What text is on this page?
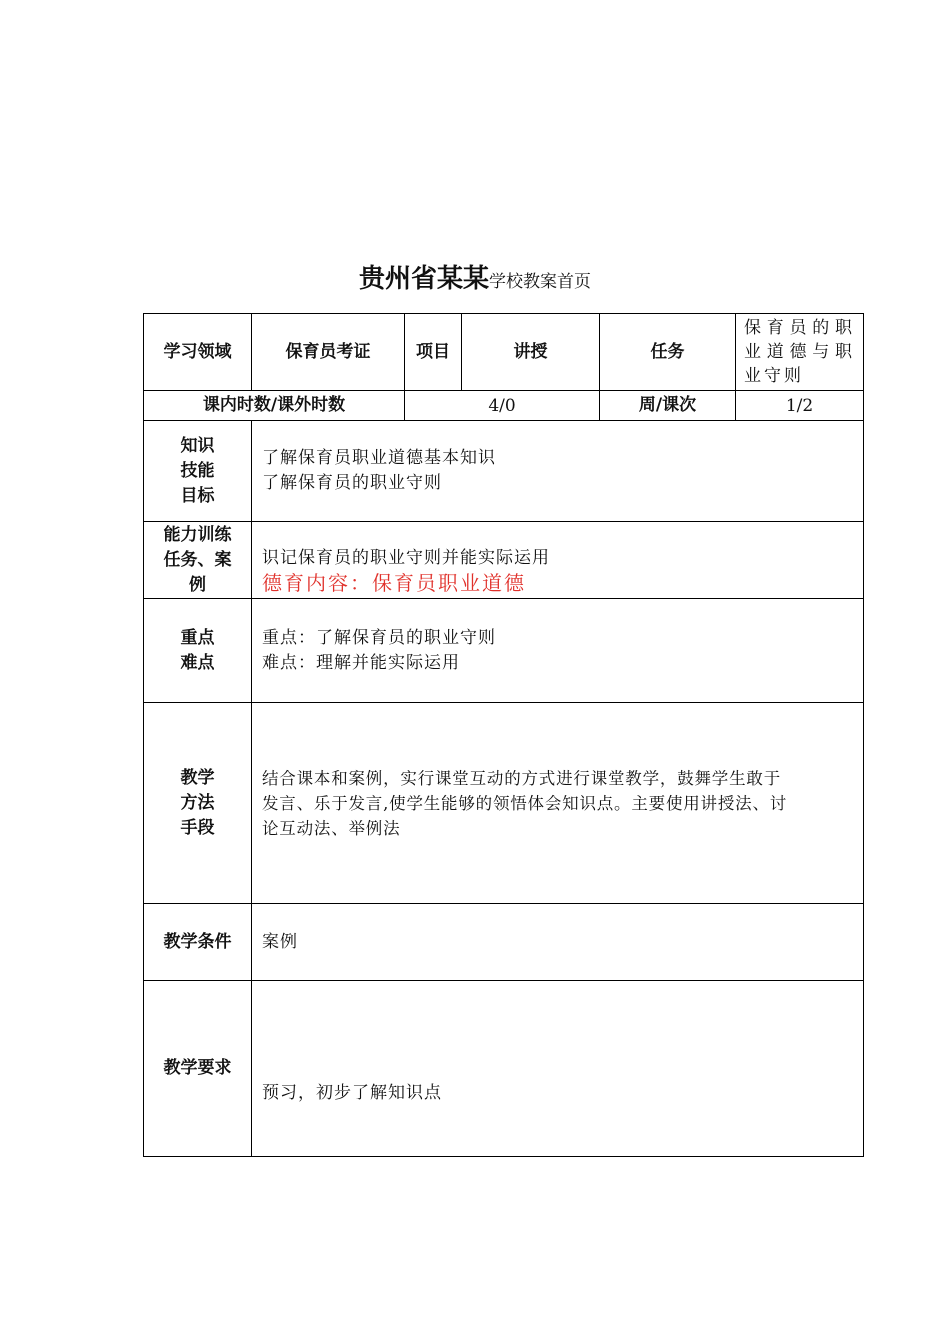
贵州省某某学校教案首页
学习领域	保育员考证	项目	讲授	任务	保育员的职
业道德与职
业守则

课内时数/课外时数		4/0		周/课次	1/2

知识
技能
目标	了解保育员职业道德基本知识
了解保育员的职业守则				

能力训练
任务、案
例	识记保育员的职业守则并能实际运用
德育内容：保育员职业道德				

重点
难点	重点：了解保育员的职业守则
难点：理解并能实际运用				

教学
方法
手段	结合课本和案例，实行课堂互动的方式进行课堂教学，鼓舞学生敢于
发言、乐于发言,使学生能够的领悟体会知识点。主要使用讲授法、讨
论互动法、举例法				

教学条件	案例				
教学要求	预习，初步了解知识点				
